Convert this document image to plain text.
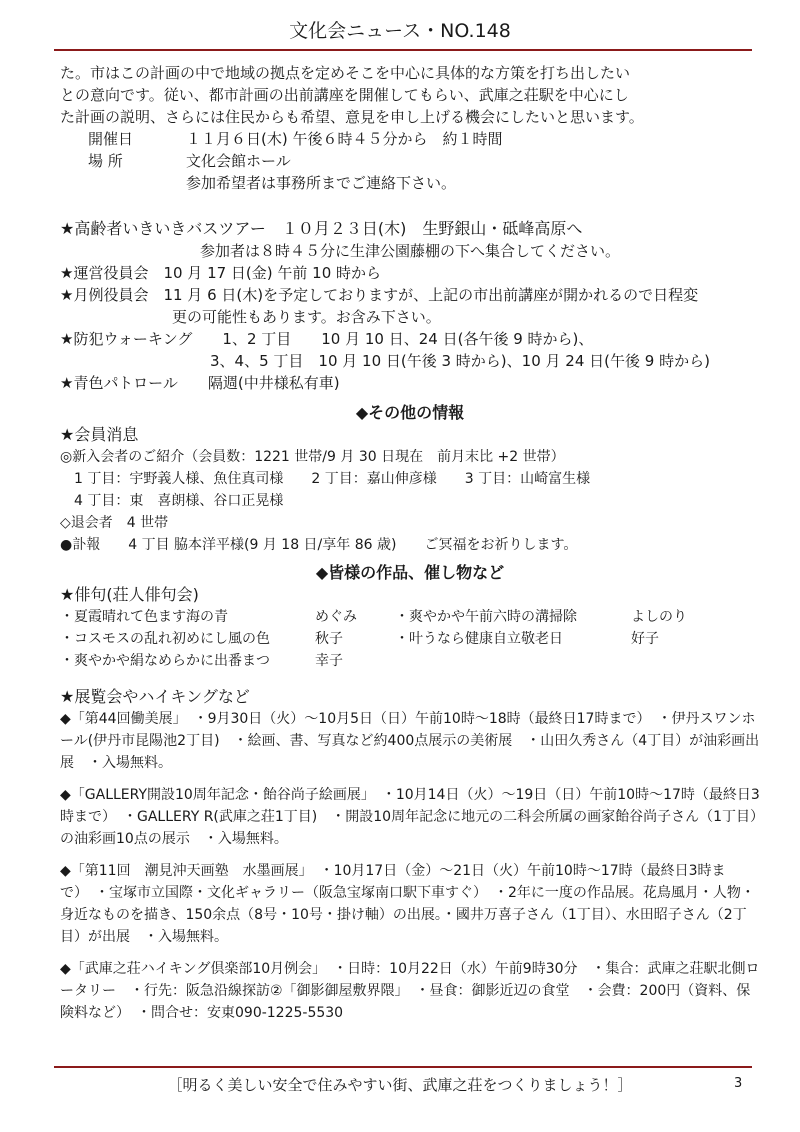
文化会ニュース・NO.148
た。市はこの計画の中で地域の拠点を定めそこを中心に具体的な方策を打ち出したい
との意向です。従い、都市計画の出前講座を開催してもらい、武庫之荘駅を中心にし
た計画の説明、さらには住民からも希望、意見を申し上げる機会にしたいと思います。
開催日	１１月６日(木) 午後６時４５分から　約１時間
場 所	文化会館ホール
参加希望者は事務所までご連絡下さい。
★高齢者いきいきバスツアー　１０月２３日(木)　生野銀山・砥峰高原へ
参加者は８時４５分に生津公園藤棚の下へ集合してください。
★運営役員会　10 月 17 日(金) 午前 10 時から
★月例役員会　11 月 6 日(木)を予定しておりますが、上記の市出前講座が開かれるので日程変
更の可能性もあります。お含み下さい。
★防犯ウォーキング　　1、2 丁目　　10 月 10 日、24 日(各午後 9 時から)、
3、4、5 丁目　10 月 10 日(午後 3 時から)、10 月 24 日(午後 9 時から)
★青色パトロール　　隔週(中井様私有車)
◆その他の情報
★会員消息
◎新入会者のご紹介（会員数：1221 世帯/9 月 30 日現在　前月末比 +2 世帯）
1 丁目：宇野義人様、魚住真司様　　2 丁目：嘉山伸彦様　　3 丁目：山崎富生様
4 丁目：東　喜朗様、谷口正晃様
◇退会者　4 世帯
●訃報　　4 丁目 脇本洋平様(9 月 18 日/享年 86 歳)　　ご冥福をお祈りします。
◆皆様の作品、催し物など
★俳句(荘人俳句会)
・夏霞晴れて色ます海の青	めぐみ	・爽やかや午前六時の溝掃除	よしのり
・コスモスの乱れ初めにし風の色	秋子	・叶うなら健康自立敬老日	好子
・爽やかや絹なめらかに出番まつ	幸子
★展覧会やハイキングなど

◆「第44回働美展」　・9月30日（火）～10月5日（日）午前10時～18時（最終日17時まで）　・伊丹スワンホール(伊丹市昆陽池2丁目)　・絵画、書、写真など約400点展示の美術展　・山田久秀さん（4丁目）が油彩画出展　・入場無料。

◆「GALLERY開設10周年記念・飴谷尚子絵画展」　・10月14日（火）～19日（日）午前10時～17時（最終日3時まで）　・GALLERY R(武庫之荘1丁目)　・開設10周年記念に地元の二科会所属の画家飴谷尚子さん（1丁目）の油彩画10点の展示　・入場無料。

◆「第11回　潮見沖天画塾　水墨画展」　・10月17日（金）～21日（火）午前10時～17時（最終日3時まで）　・宝塚市立国際・文化ギャラリー（阪急宝塚南口駅下車すぐ）　・2年に一度の作品展。花鳥風月・人物・身近なものを描き、150余点（8号・10号・掛け軸）の出展。・國井万喜子さん（1丁目）、水田昭子さん（2丁目）が出展　・入場無料。

◆「武庫之荘ハイキング倶楽部10月例会」　・日時：10月22日（水）午前9時30分　・集合：武庫之荘駅北側ロータリー　・行先：阪急沿線探訪②「御影御屋敷界隈」　・昼食：御影近辺の食堂　・会費：200円（資料、保険料など）　・問合せ：安東090-1225-5530

［明るく美しい安全で住みやすい街、武庫之荘をつくりましょう！］	3
